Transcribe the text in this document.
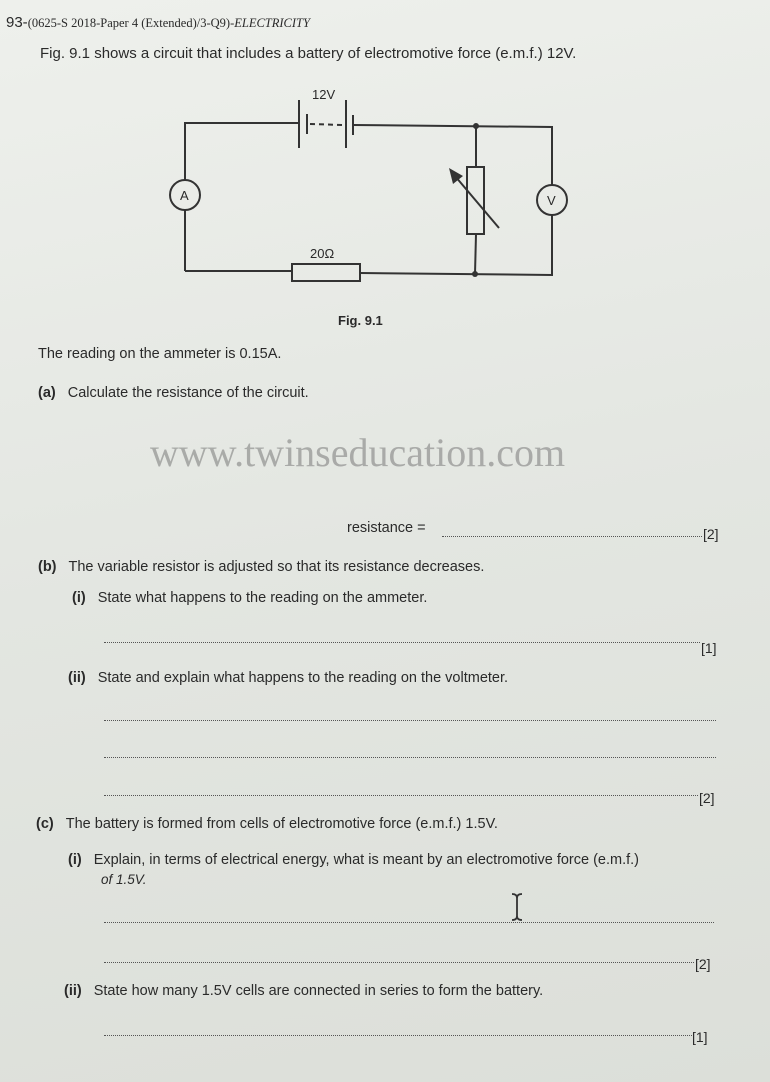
93-(0625-S 2018-Paper 4 (Extended)/3-Q9)-ELECTRICITY
Fig. 9.1 shows a circuit that includes a battery of electromotive force (e.m.f.) 12V.
12V
20Ω
A	V
Fig. 9.1
The reading on the ammeter is 0.15A.
(a) Calculate the resistance of the circuit.
www.twinseducation.com
resistance =	[2]
(b) The variable resistor is adjusted so that its resistance decreases.
(i) State what happens to the reading on the ammeter.
[1]
(ii) State and explain what happens to the reading on the voltmeter.
[2]
(c) The battery is formed from cells of electromotive force (e.m.f.) 1.5V.
(i) Explain, in terms of electrical energy, what is meant by an electromotive force (e.m.f.)
of 1.5V.
[2]
(ii) State how many 1.5V cells are connected in series to form the battery.
[1]
